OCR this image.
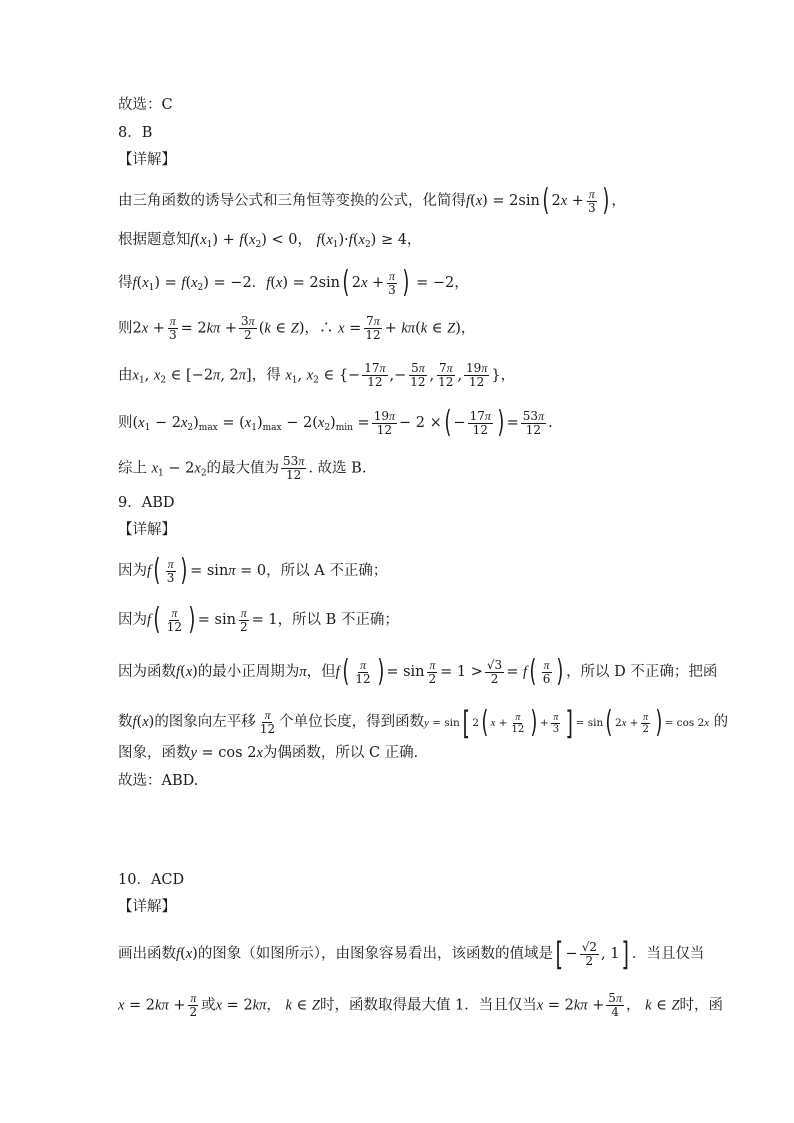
故选：C
8．B
【详解】
由三角函数的诱导公式和三角恒等变换的公式，化简得f(x) = 2sin( $2x + \frac{\pi}{3}$ ) ，
根据题意知$f(x_1) + f(x_2) < 0$， $f(x_1)\cdot f(x_2) \ge 4$，
得$f(x_1) = f(x_2) = -2$．f(x) = 2sin( $2x + \frac{\pi}{3}$ ) = −2，
则$2x + \frac{\pi}{3} = 2k\pi + \frac{3\pi}{2} (k$ ∈ Z)，∴ $x = \frac{7\pi}{12} + k\pi(k$ ∈ Z)，
由$x_1$, $x_2$ ∈ [−2π, 2π]，得 $x_1$, $x_2$ ∈ {− $\frac{17\pi}{12}$ ,− $\frac{5\pi}{12}$ , $\frac{7\pi}{12}$ , $\frac{19\pi}{12}$ }，
则$(x_1 - 2x_2)_{max} = (x_1)_{max} - 2(x_2)_{min} = \frac{19\pi}{12} - 2$ ×( − $\frac{17\pi}{12}$ ) = $\frac{53\pi}{12}$ .
综上 $x_1 - 2x_2$的最大值为 $\frac{53\pi}{12}$ . 故选 B.
9．ABD
【详解】
因为$f( \frac{\pi}{3}$ ) = sinπ = 0，所以 A 不正确；
因为$f( \frac{\pi}{12}$ ) = $\sin \frac{\pi}{2} = 1$，所以 B 不正确；
因为函数f(x)的最小正周期为π，但$f( \frac{\pi}{12}$ ) = $\sin \frac{\pi}{2} = 1 > \frac{√3}{2} = f( \frac{\pi}{6}$ ) ，所以 D 不正确；把函
数f(x)的图象向左平移 $\frac{\pi}{12}$ 个单位长度，得到函数y = sin[ 2( $x + \frac{\pi}{12}$ ) + $\frac{\pi}{3}$ ] = sin( $2x + \frac{\pi}{2}$ ) = cos 2x 的
图象，函数y = cos 2x为偶函数，所以 C 正确．
故选：ABD.
10．ACD
【详解】
画出函数f(x)的图象（如图所示），由图象容易看出，该函数的值域是[ − $\frac{√2}{2}$ , 1] ．当且仅当
$x = 2k\pi + \frac{\pi}{2}$ 或x = 2kπ， k ∈ Z时，函数取得最大值 1．当且仅当$x = 2k\pi + \frac{5\pi}{4}$ ， k ∈ Z时，函
